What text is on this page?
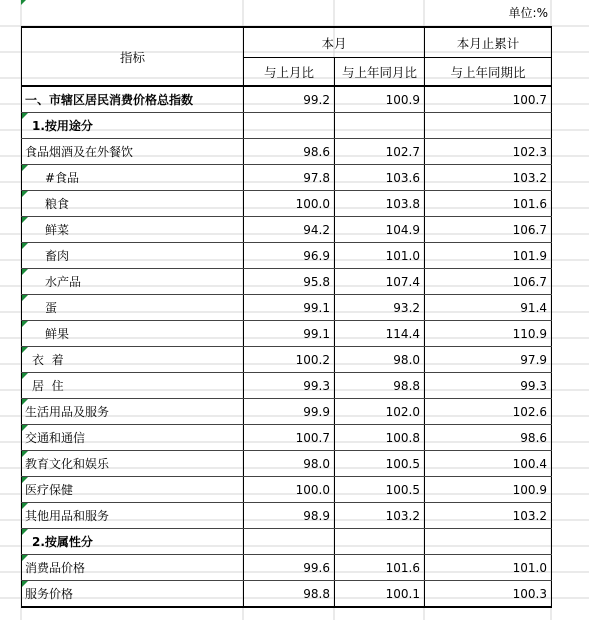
单位:%
指标	本月		本月止累计
	与上月比	与上年同月比	与上年同期比
一、市辖区居民消费价格总指数	99.2	100.9	100.7

1.按用途分			
食品烟酒及在外餐饮	98.6	102.7	102.3

#食品	97.8	103.6	103.2

粮食	100.0	103.8	101.6

鲜菜	94.2	104.9	106.7

畜肉	96.9	101.0	101.9

水产品	95.8	107.4	106.7

蛋	99.1	93.2	91.4

鲜果	99.1	114.4	110.9

衣  着	100.2	98.0	97.9

居  住	99.3	98.8	99.3

生活用品及服务	99.9	102.0	102.6

交通和通信	100.7	100.8	98.6

教育文化和娱乐	98.0	100.5	100.4

医疗保健	100.0	100.5	100.9

其他用品和服务	98.9	103.2	103.2

2.按属性分			

消费品价格	99.6	101.6	101.0

服务价格	98.8	100.1	100.3
